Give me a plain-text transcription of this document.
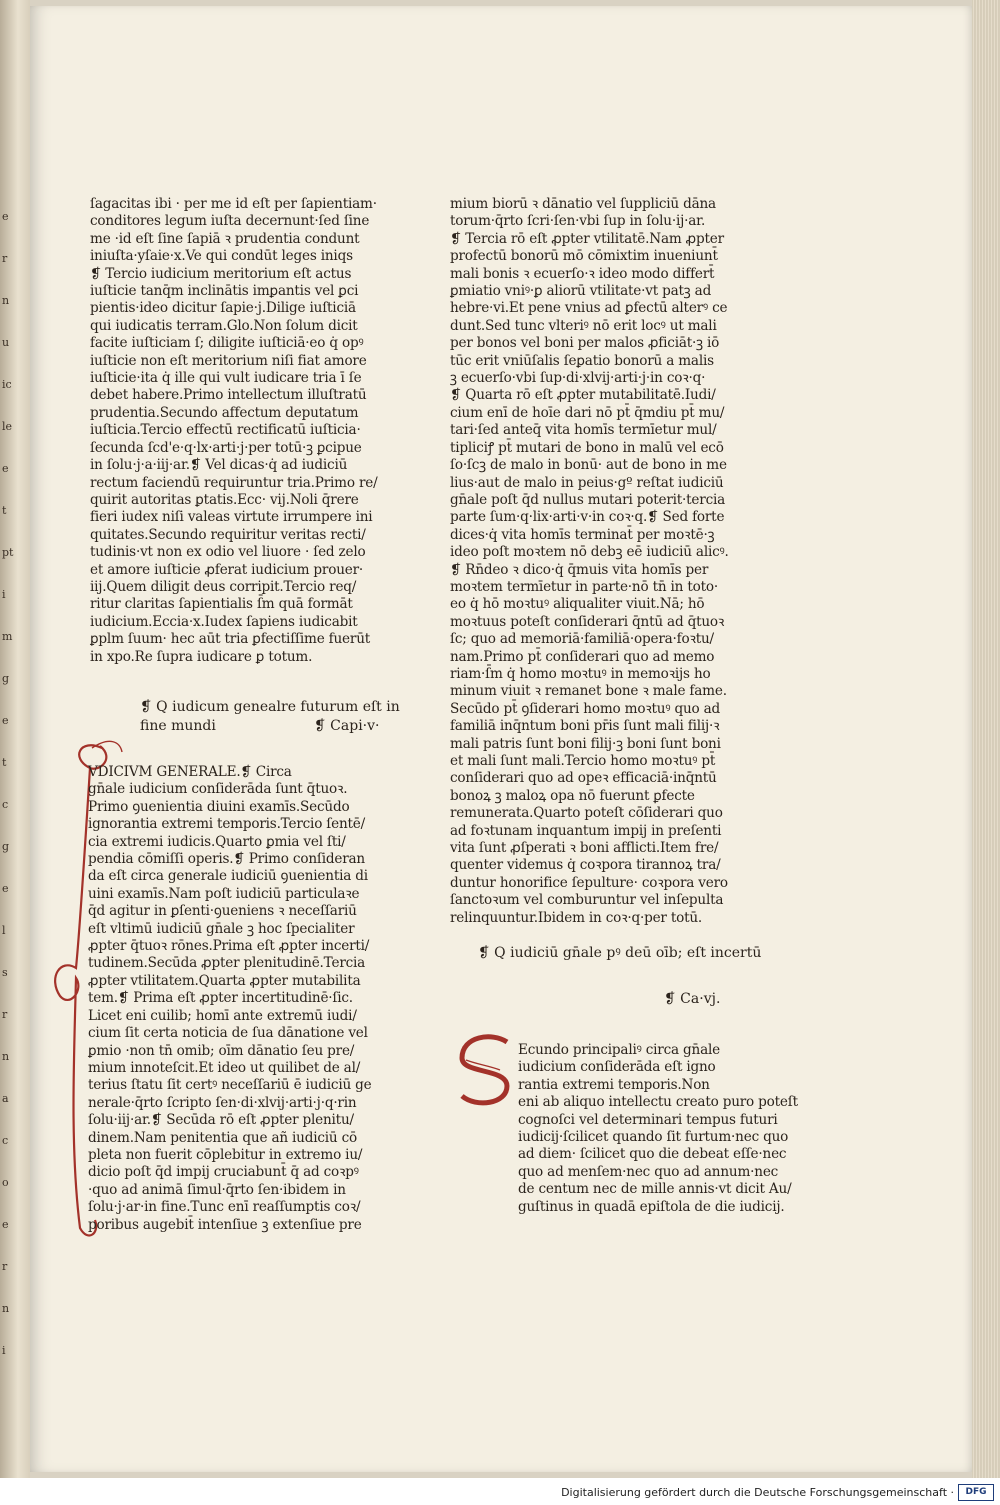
e
r
n
u
ic
le
e
t
pt
i
m
g
e
t
c
g
e
l
s
r
n
a
c
o
e
r
n
i
ſagacitas ibi · per me id eſt per ſapientiam·
conditores legum iuſta decernunt·ſed ſine
me ·id eſt ſine ſapiā ꝛ prudentia condunt
iniuſta·yſaie·x.Ve qui condūt leges iniqs
❡ Tercio iudicium meritorium eſt actus
iuſticie tanq̄m inclinātis imꝑantis vel ꝑci
pientis·ideo dicitur ſapie·j.Dilige iuſticiā
qui iudicatis terram.Glo.Non ſolum dicit
facite iuſticiam ſ; diligite iuſticiā·eo q̇ opꝰ
iuſticie non eſt meritorium niſi fiat amore
iuſticie·ita q̇ ille qui vult iudicare tria ī ſe
debet habere.Primo intellectum illuſtratū
prudentia.Secundo affectum deputatum
iuſticia.Tercio effectū rectificatū iuſticia·
ſecunda ſcd'e·q·lx·arti·j·per totū·ꝫ ꝑcipue
in ſolu·j·a·iij·ar.❡ Vel dicas·q̇ ad iudiciū
rectum faciendū requiruntur tria.Primo re/
quirit autoritas ꝑtatis.Ecc· vij.Noli q̄rere
fieri iudex niſi valeas virtute irrumpere ini
quitates.Secundo requiritur veritas recti/
tudinis·vt non ex odio vel liuore · ſed zelo
et amore iuſticie ꝓferat iudicium prouer·
iij.Quem diligit deus corripit.Tercio req/
ritur claritas ſapientialis ſ̄m quā formāt
iudicium.Eccia·x.Iudex ſapiens iudicabit
ꝑplm ſuum· hec aūt tria ꝑfectiſſime fuerūt
in xpo.Re ſupra iudicare ꝑ totum.
❡ Q iudicum genealre futurum eſt in
fine mundi	❡ Capi·v·
VDICIVM GENERALE.❡ Circa
gn̄ale iudicium conſiderāda ſunt q̄tuoꝛ.
Primo ꝯuenientia diuini examīs.Secūdo
ignorantia extremi temporis.Tercio ſentē/
cia extremi iudicis.Quarto ꝑmia vel ſti/
pendia cōmiſſi operis.❡ Primo conſideran
da eſt circa generale iudiciū ꝯuenientia di
uini examīs.Nam poſt iudiciū particulaꝛe
q̄d agitur in ꝑſenti·ꝯueniens ꝛ neceſſariū
eſt vltimū iudiciū gn̄ale ꝫ hoc ſpecialiter
ꝓpter q̄tuoꝛ rōnes.Prima eſt ꝓpter incerti/
tudinem.Secūda ꝓpter plenitudinē.Tercia
ꝓpter vtilitatem.Quarta ꝓpter mutabilita
tem.❡ Prima eſt ꝓpter incertitudinē·ſic.
Licet eni cuilib; homī ante extremū iudi/
cium ſit certa noticia de ſua dānatione vel
ꝑmio ·non tn̄ omib; oīm dānatio ſeu pre/
mium innoteſcit.Et ideo ut quilibet de al/
terius ſtatu ſit certꝰ neceſſariū ē iudiciū ge
nerale·q̄rto ſcripto ſen·di·xlvij·arti·j·q·rin
ſolu·iij·ar.❡ Secūda rō eſt ꝓpter plenitu/
dinem.Nam penitentia que añ iudiciū cō
pleta non fuerit cōplebitur in extremo iu/
dicio poſt q̄d impij cruciabunt̄ q̄ ad coꝛpꝰ
·quo ad animā ſimul·q̄rto ſen·ibidem in
ſolu·j·ar·in fine.Tunc enī reaſſumptis coꝛ/
poribus augebit̄ intenſiue ꝫ extenſiue pre
mium biorū ꝛ dānatio vel ſuppliciū dāna
torum·q̄rto ſcri·ſen·vbi ſup in ſolu·ij·ar.
❡ Tercia rō eſt ꝓpter vtilitatē.Nam ꝓpter
profectū bonorū mō cōmixtim inueniunt̄
mali bonis ꝛ ecuerſo·ꝛ ideo modo differt̄
ꝑmiatio vniꝰ·ꝑ aliorū vtilitate·vt patꝫ ad
hebre·vi.Et pene vnius ad ꝑfectū alterꝰ ce
dunt.Sed tunc vlteriꝰ nō erit locꝰ ut mali
per bonos vel boni per malos ꝓficiāt·ꝫ iō
tūc erit vniūſalis ſeꝑatio bonorū a malis
ꝫ ecuerſo·vbi ſup·di·xlvij·arti·j·in coꝛ·q·
❡ Quarta rō eſt ꝓpter mutabilitatē.Iudi/
cium enī de hoīe dari nō pt̄ q̄mdiu pt̄ mu/
tari·ſed anteq̄ vita homīs termīetur mul/
tipliciꝭ pt̄ mutari de bono in malū vel ecō
ſo·ſcꝫ de malo in bonū· aut de bono in me
lius·aut de malo in peius·gº reſtat iudiciū
gn̄ale poſt q̄d nullus mutari poterit·tercia
parte ſum·q·lix·arti·v·in coꝛ·q.❡ Sed forte
dices·q̇ vita homīs terminat̄ per moꝛtē·ꝫ
ideo poſt moꝛtem nō debꝫ eē iudiciū alicꝰ.
❡ Rn̄deo ꝛ dico·q̇ q̄muis vita homīs per
moꝛtem termīetur in parte·nō tn̄ in toto·
eo q̇ hō moꝛtuꝰ aliqualiter viuit.Nā; hō
moꝛtuus poteſt conſiderari q̄ntū ad q̄tuoꝛ
ſc; quo ad memoriā·familiā·opera·foꝛtu/
nam.Primo pt̄ conſiderari quo ad memo
riam·ſ̄m q̇ homo moꝛtuꝰ in memoꝛijs ho
minum viuit ꝛ remanet bone ꝛ male fame.
Secūdo pt̄ ꝯſiderari homo moꝛtuꝰ quo ad
familiā inq̄ntum boni pr̄is ſunt mali filij·ꝛ
mali patris ſunt boni filij·ꝫ boni ſunt boni
et mali ſunt mali.Tercio homo moꝛtuꝰ pt̄
conſiderari quo ad opeꝛ efficaciā·inq̄ntū
bonoꝝ ꝫ maloꝝ opa nō fuerunt ꝑfecte
remunerata.Quarto poteſt cōſiderari quo
ad foꝛtunam inquantum impij in preſenti
vita ſunt ꝓſperati ꝛ boni afflicti.Item fre/
quenter videmus q̇ coꝛpora tirannoꝝ tra/
duntur honorifice ſepulture· coꝛpora vero
ſanctoꝛum vel comburuntur vel inſepulta
relinquuntur.Ibidem in coꝛ·q·per totū.
❡ Q iudiciū gn̄ale pꝰ deū oīb; eſt incertū
❡ Ca·vj.
Ecundo principaliꝰ circa gn̄ale
iudicium conſiderāda eſt igno
rantia extremi temporis.Non
eni ab aliquo intellectu creato puro poteſt
cognoſci vel determinari tempus futuri
iudicij·ſcilicet quando ſit furtum·nec quo
ad diem· ſcilicet quo die debeat eſſe·nec
quo ad menſem·nec quo ad annum·nec
de centum nec de mille annis·vt dicit Au/
guſtinus in quadā epiſtola de die iudicij.
Digitalisierung gefördert durch die Deutsche Forschungsgemeinschaft ·	DFG
